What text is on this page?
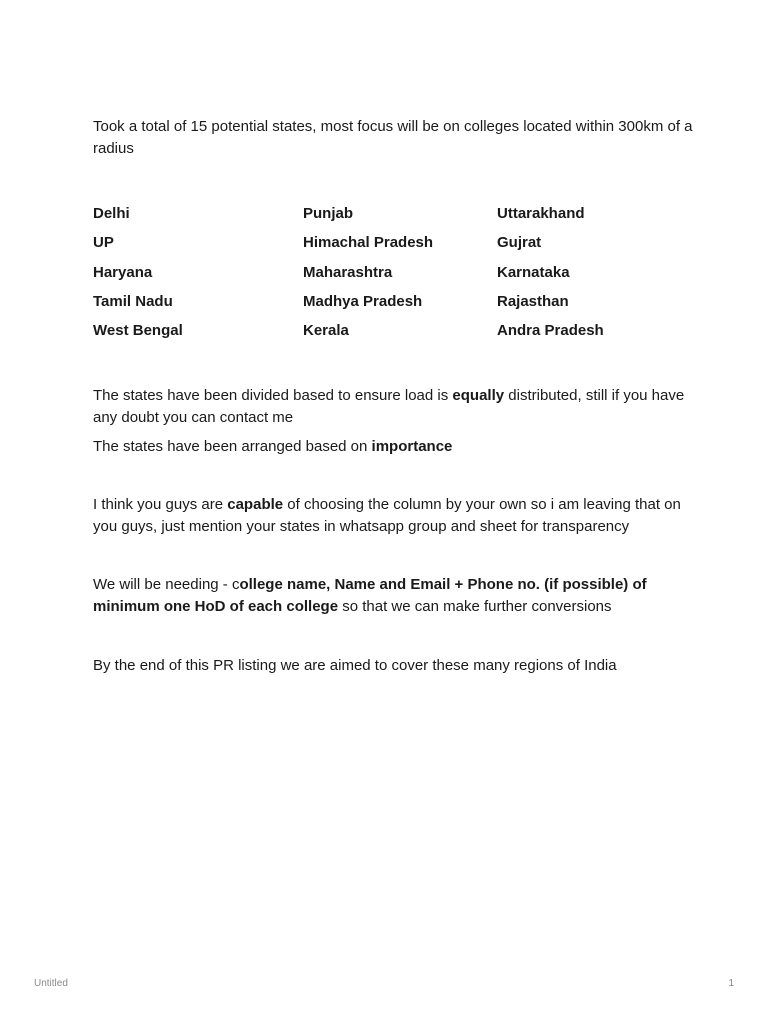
Took a total of 15 potential states, most focus will be on colleges located within 300km of a radius

Delhi	Punjab	Uttarakhand
UP	Himachal Pradesh	Gujrat
Haryana	Maharashtra	Karnataka
Tamil Nadu	Madhya Pradesh	Rajasthan
West Bengal	Kerala	Andra Pradesh

The states have been divided based to ensure load is equally distributed, still if you have any doubt you can contact me

The states have been arranged based on importance

I think you guys are capable of choosing the column by your own so i am leaving that on you guys, just mention your states in whatsapp group and sheet for transparency

We will be needing - college name, Name and Email + Phone no. (if possible) of minimum one HoD of each college so that we can make further conversions

By the end of this PR listing we are aimed to cover these many regions of India

Untitled	1
